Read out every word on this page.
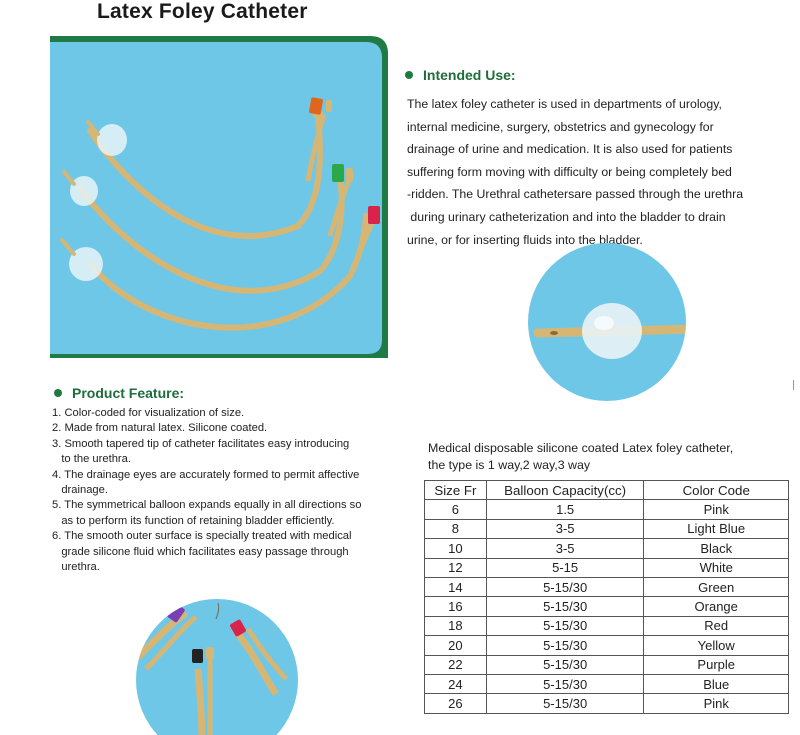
Latex Foley Catheter
Intended Use:

The latex foley catheter is used in departments of urology,

internal medicine, surgery, obstetrics and gynecology for

drainage of urine and medication. It is also used for patients

suffering form moving with difficulty or being completely bed

-ridden. The Urethral cathetersare passed through the urethra

during urinary catheterization and into the bladder to drain

urine, or for inserting fluids into the bladder.

Product Feature:

1. Color-coded for visualization of size.

2. Made from natural latex. Silicone coated.

3. Smooth tapered tip of catheter facilitates easy introducing

to the urethra.

4. The drainage eyes are accurately formed to permit affective

drainage.

5. The symmetrical balloon expands equally in all directions so

as to perform its function of retaining bladder efficiently.

6. The smooth outer surface is specially treated with medical

grade silicone fluid which facilitates easy passage through

urethra.

Medical disposable silicone coated Latex foley catheter,

the type is 1 way,2 way,3 way

Size Fr	Balloon Capacity(cc)	Color Code
6	1.5	Pink
8	3-5	Light Blue
10	3-5	Black
12	5-15	White
14	5-15/30	Green
16	5-15/30	Orange
18	5-15/30	Red
20	5-15/30	Yellow
22	5-15/30	Purple
24	5-15/30	Blue
26	5-15/30	Pink
